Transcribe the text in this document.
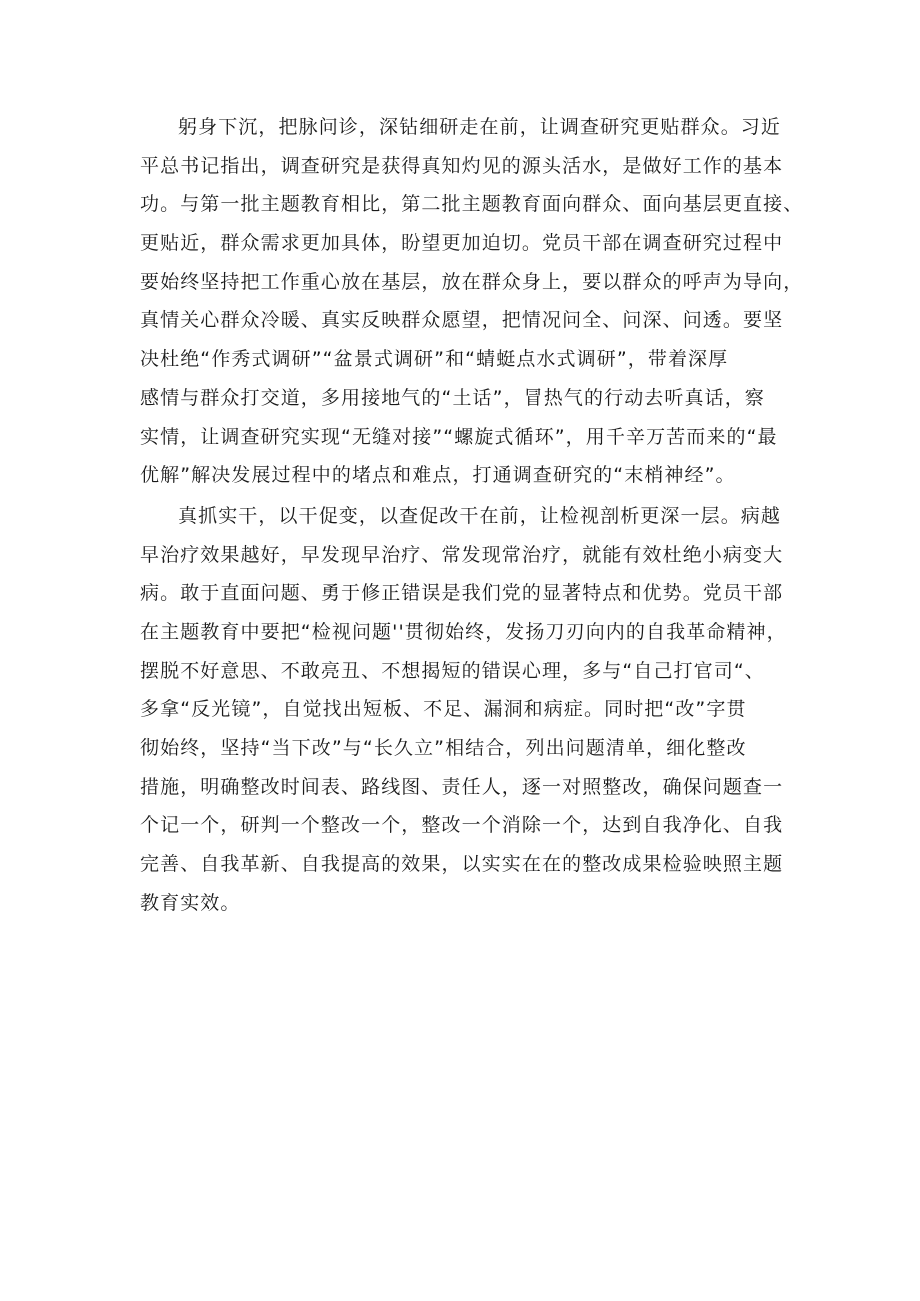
躬身下沉，把脉问诊，深钻细研走在前，让调查研究更贴群众。习近
平总书记指出，调查研究是获得真知灼见的源头活水，是做好工作的基本
功。与第一批主题教育相比，第二批主题教育面向群众、面向基层更直接、
更贴近，群众需求更加具体，盼望更加迫切。党员干部在调查研究过程中
要始终坚持把工作重心放在基层，放在群众身上，要以群众的呼声为导向，
真情关心群众冷暖、真实反映群众愿望，把情况问全、问深、问透。要坚
决杜绝“作秀式调研”“盆景式调研”和“蜻蜓点水式调研”，带着深厚
感情与群众打交道，多用接地气的“土话”，冒热气的行动去听真话，察
实情，让调查研究实现“无缝对接”“螺旋式循环”，用千辛万苦而来的“最
优解”解决发展过程中的堵点和难点，打通调查研究的“末梢神经”。
真抓实干，以干促变，以查促改干在前，让检视剖析更深一层。病越
早治疗效果越好，早发现早治疗、常发现常治疗，就能有效杜绝小病变大
病。敢于直面问题、勇于修正错误是我们党的显著特点和优势。党员干部
在主题教育中要把“检视问题''贯彻始终，发扬刀刃向内的自我革命精神，
摆脱不好意思、不敢亮丑、不想揭短的错误心理，多与“自己打官司“、
多拿“反光镜”，自觉找出短板、不足、漏洞和病症。同时把“改”字贯
彻始终，坚持“当下改”与“长久立”相结合，列出问题清单，细化整改
措施，明确整改时间表、路线图、责任人，逐一对照整改，确保问题查一
个记一个，研判一个整改一个，整改一个消除一个，达到自我净化、自我
完善、自我革新、自我提高的效果，以实实在在的整改成果检验映照主题
教育实效。
